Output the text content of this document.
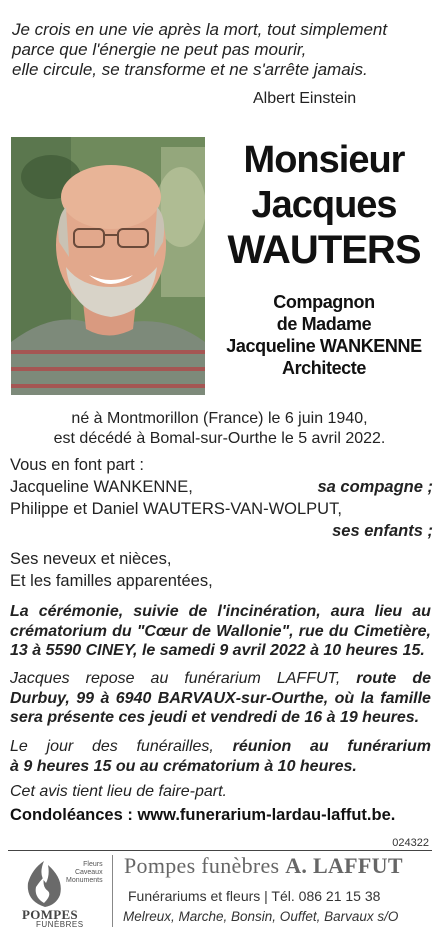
Je crois en une vie après la mort, tout simplement
parce que l'énergie ne peut pas mourir,
elle circule, se transforme et ne s'arrête jamais.
Albert Einstein
Monsieur
Jacques
WAUTERS
Compagnon
de Madame
Jacqueline WANKENNE
Architecte
né à Montmorillon (France) le 6 juin 1940,
est décédé à Bomal-sur-Ourthe le 5 avril 2022.
Vous en font part :
Jacqueline WANKENNE,	sa compagne ;
Philippe et Daniel WAUTERS-VAN-WOLPUT,
ses enfants ;
Ses neveux et nièces,
Et les familles apparentées,
La cérémonie, suivie de l'incinération, aura lieu au
crématorium du "Cœur de Wallonie", rue du Cimetière,
13 à 5590 CINEY, le samedi 9 avril 2022 à 10 heures 15.
Jacques repose au funérarium LAFFUT, route de
Durbuy, 99 à 6940 BARVAUX-sur-Ourthe, où la famille
sera présente ces jeudi et vendredi de 16 à 19 heures.
Le jour des funérailles, réunion au funérarium
à 9 heures 15 ou au crématorium à 10 heures.
Cet avis tient lieu de faire-part.
Condoléances : www.funerarium-lardau-laffut.be.
024322
Fleurs
Caveaux
Monuments
POMPES
FUNÈBRES
Pompes funèbres A. LAFFUT
Funérariums et fleurs | Tél. 086 21 15 38
Melreux, Marche, Bonsin, Ouffet, Barvaux s/O
